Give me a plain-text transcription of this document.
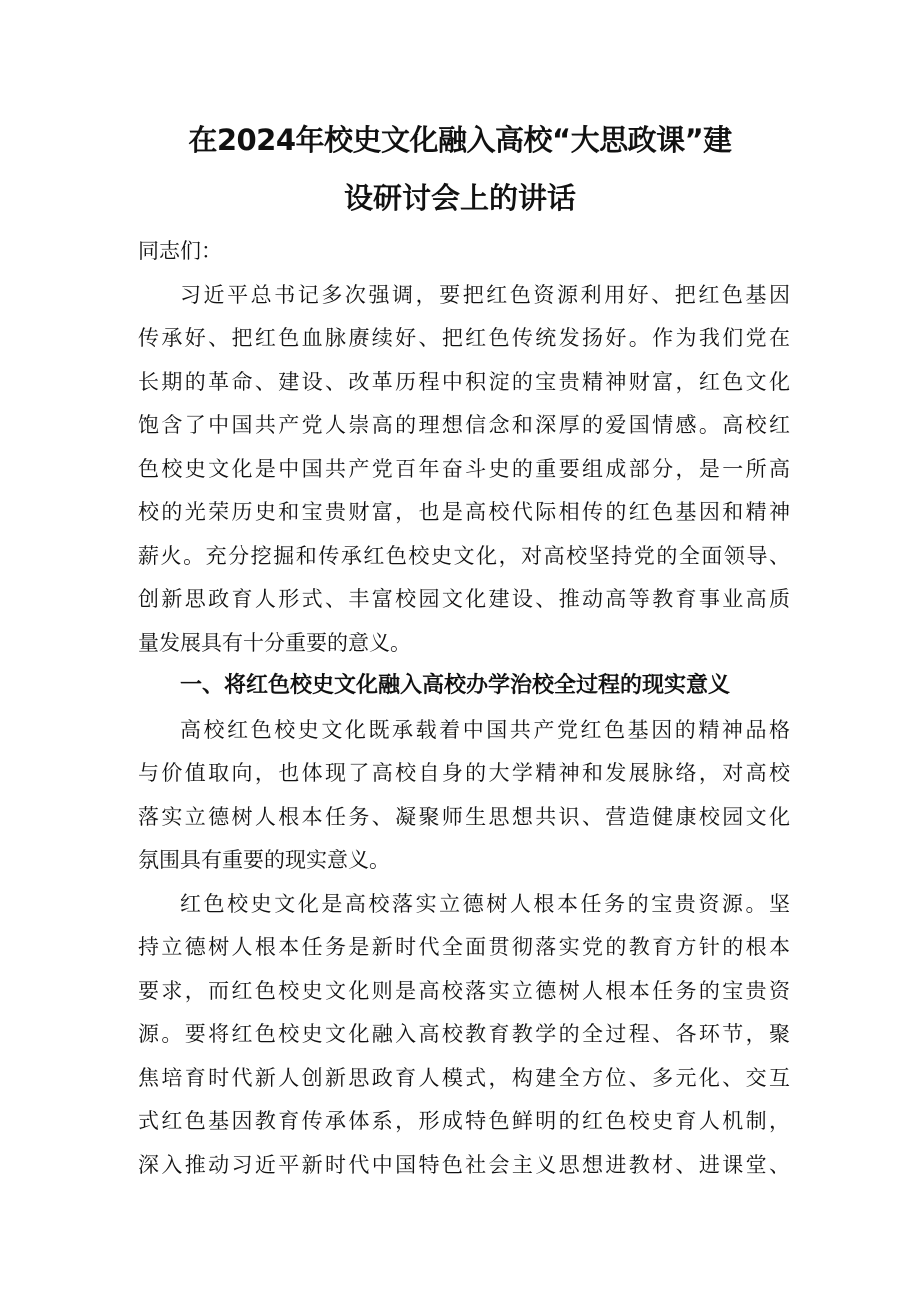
在2024年校史文化融入高校“大思政课”建
设研讨会上的讲话
同志们：
习近平总书记多次强调，要把红色资源利用好、把红色基因
传承好、把红色血脉赓续好、把红色传统发扬好。作为我们党在
长期的革命、建设、改革历程中积淀的宝贵精神财富，红色文化
饱含了中国共产党人崇高的理想信念和深厚的爱国情感。高校红
色校史文化是中国共产党百年奋斗史的重要组成部分，是一所高
校的光荣历史和宝贵财富，也是高校代际相传的红色基因和精神
薪火。充分挖掘和传承红色校史文化，对高校坚持党的全面领导、
创新思政育人形式、丰富校园文化建设、推动高等教育事业高质
量发展具有十分重要的意义。
一、将红色校史文化融入高校办学治校全过程的现实意义
高校红色校史文化既承载着中国共产党红色基因的精神品格
与价值取向，也体现了高校自身的大学精神和发展脉络，对高校
落实立德树人根本任务、凝聚师生思想共识、营造健康校园文化
氛围具有重要的现实意义。
红色校史文化是高校落实立德树人根本任务的宝贵资源。坚
持立德树人根本任务是新时代全面贯彻落实党的教育方针的根本
要求，而红色校史文化则是高校落实立德树人根本任务的宝贵资
源。要将红色校史文化融入高校教育教学的全过程、各环节，聚
焦培育时代新人创新思政育人模式，构建全方位、多元化、交互
式红色基因教育传承体系，形成特色鲜明的红色校史育人机制，
深入推动习近平新时代中国特色社会主义思想进教材、进课堂、
